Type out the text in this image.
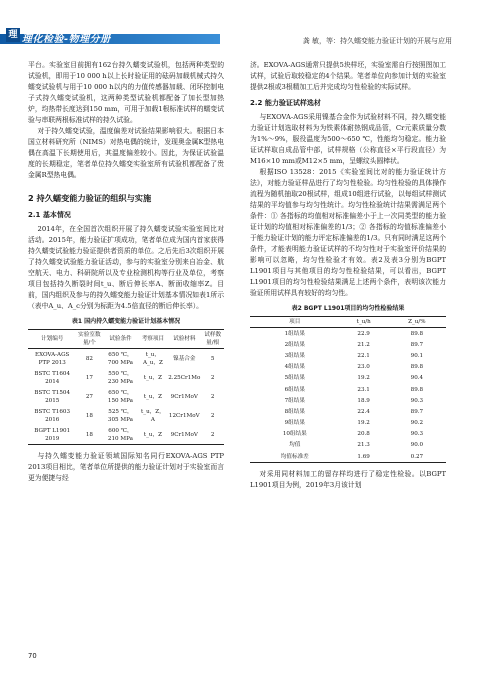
理 理化检验-物理分册	龚 敏，等：持久蠕变能力验证计划的开展与应用

平台。实验室目前拥有162台持久蠕变试验机，包括两种类型的试验机，即用于10 000 h以上长时验证用的砝码加载机械式持久蠕变试验机与用于10 000 h以内的力值传感器加载、闭环控制电子式持久蠕变试验机，这两种类型试验机都配备了加长型加热炉，均热带长度达到150 mm，可用于加载1根标准试样的蠕变试验与串联两根标准试样的持久试验。

对于持久蠕变试验，温度偏差对试验结果影响很大。根据日本国立材料研究所（NIMS）对热电偶的统计，发现奥金属K型热电偶在高温下长期使用后，其温度偏差较小。因此，为保证试验温度的长期稳定，笔者单位持久蠕变实验室所有试验机都配备了贵金属R型热电偶。

2 持久蠕变能力验证的组织与实施
2.1 基本情况

2014年，在全国首次组织开展了持久蠕变试验实验室间比对活动。2015年，能力验证扩项成功，笔者单位成为国内首家获得持久蠕变试验能力验证提供者资质的单位。之后先后3次组织开展了持久蠕变试验能力验证活动，参与的实验室分别来自冶金、航空航天、电力、科研院所以及专业检测机构等行业及单位，考察项目包括持久断裂时间t_u、断后伸长率A、断面收缩率Z。目前，国内组织及参与的持久蠕变能力验证计划基本情况如表1所示（表中A_u、A_c分别为标距为4.5倍直径的断后伸长率）。

表1 国内持久蠕变能力验证计划基本情况
计划编号	实验室数量/个	试验条件	考察项目	试验材料	试样数量/根
EXOVA-AGS PTP 2013	82	650 ℃，700 MPa	t_u，A_u，Z	镍基合金	5
BSTC T1604 2014	17	550 ℃，230 MPa	t_u，Z	2.25Cr1Mo	2
BSTC T1504 2015	27	650 ℃，150 MPa	t_u，Z	9Cr1MoV	2
BSTC T1603 2016	18	525 ℃，305 MPa	t_u，Z，A	12Cr1MoV	2
BGPT L1901 2019	18	600 ℃，210 MPa	t_u，Z	9Cr1MoV	2

与持久蠕变能力验证领域国际知名同行EXOVA-AGS PTP 2013项目相比，笔者单位所提供的能力验证计划对于实验室而言更为便捷与经

济。EXOVA-AGS通常只提供5块样坯，实验室需自行按照图加工试样，试验后取较稳定的4个结果。笔者单位向参加计划的实验室提供2根或3根精加工后并完成均匀性检验的实际试样。

2.2 能力验证试样选材

与EXOVA-AGS采用镍基合金作为试验材料不同，持久蠕变能力验证计划选取材料为为铁素体耐热钢成品管，Cr元素质量分数为1%～9%，服役温度为500～650 ℃，性能均匀稳定。能力验证试样取自成品管中部，试样规格（公称直径×平行段直径）为M16×10 mm或M12×5 mm，呈螺纹头圆棒状。

根据ISO 13528：2015《实验室间比对的能力验证统计方法》，对能力验证样品进行了均匀性检验。均匀性检验的具体操作流程为随机抽取20根试样，组成10组进行试验，以每组试样测试结果的平均值参与均匀性统计。均匀性检验统计结果需满足两个条件：① 各指标的均值相对标准偏差小于上一次同类型的能力验证计划的均值相对标准偏差的1/3；② 各指标的均值标准偏差小于能力验证计划的能力评定标准偏差的1/3。只有同时满足这两个条件，才能表明能力验证试样的不均匀性对于实验室评价结果的影响可以忽略，均匀性检验才有效。表2及表3分别为BGPT L1901项目与其他项目的均匀性检验结果，可以看出，BGPT L1901项目的均匀性检验结果满足上述两个条件，表明该次能力验证所用试样具有较好的均匀性。

表2 BGPT L1901项目的均匀性检验结果
项目	t_u/h	Z_u/%
1组结果	22.9	89.8
2组结果	21.2	89.7
3组结果	22.1	90.1
4组结果	23.0	89.8
5组结果	19.2	90.4
6组结果	23.1	89.8
7组结果	18.9	90.3
8组结果	22.4	89.7
9组结果	19.2	90.2
10组结果	20.8	90.3
均值	21.3	90.0
均值标准差	1.69	0.27

对采用同材料加工的留存样均进行了稳定性检验。以BGPT L1901项目为例，2019年3月该计划

70
